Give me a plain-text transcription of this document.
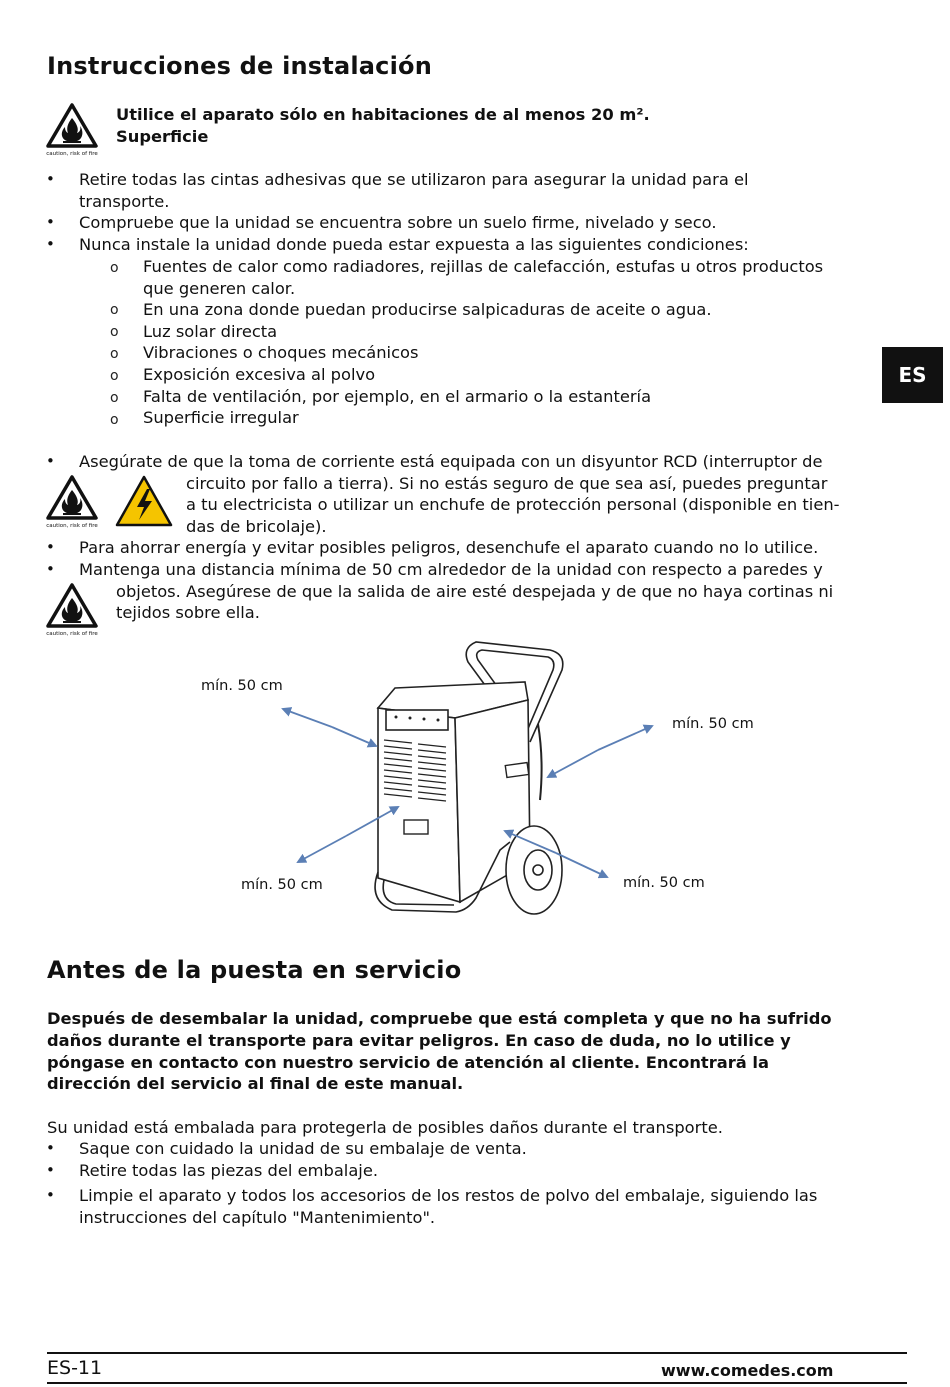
Instrucciones de instalación
caution, risk of fire
Utilice el aparato sólo en habitaciones de al menos 20 m².
Superficie
• Retire todas las cintas adhesivas que se utilizaron para asegurar la unidad para el
transporte.
• Compruebe que la unidad se encuentra sobre un suelo firme, nivelado y seco.
• Nunca instale la unidad donde pueda estar expuesta a las siguientes condiciones:
o Fuentes de calor como radiadores, rejillas de calefacción, estufas u otros productos
que generen calor.
o En una zona donde puedan producirse salpicaduras de aceite o agua.
o Luz solar directa
o Vibraciones o choques mecánicos
o Exposición excesiva al polvo
o Falta de ventilación, por ejemplo, en el armario o la estantería
o Superficie irregular
ES
• Asegúrate de que la toma de corriente está equipada con un disyuntor RCD (interruptor de
circuito por fallo a tierra). Si no estás seguro de que sea así, puedes preguntar
a tu electricista o utilizar un enchufe de protección personal (disponible en tien-
das de bricolaje).
caution, risk of fire
• Para ahorrar energía y evitar posibles peligros, desenchufe el aparato cuando no lo utilice.
• Mantenga una distancia mínima de 50 cm alrededor de la unidad con respecto a paredes y
objetos. Asegúrese de que la salida de aire esté despejada y de que no haya cortinas ni
tejidos sobre ella.
caution, risk of fire
mín. 50 cm
mín. 50 cm
mín. 50 cm	mín. 50 cm
Antes de la puesta en servicio
Después de desembalar la unidad, compruebe que está completa y que no ha sufrido
daños durante el transporte para evitar peligros. En caso de duda, no lo utilice y
póngase en contacto con nuestro servicio de atención al cliente. Encontrará la
dirección del servicio al final de este manual.
Su unidad está embalada para protegerla de posibles daños durante el transporte.
• Saque con cuidado la unidad de su embalaje de venta.
• Retire todas las piezas del embalaje.
• Limpie el aparato y todos los accesorios de los restos de polvo del embalaje, siguiendo las
instrucciones del capítulo "Mantenimiento".
ES-11	www.comedes.com
